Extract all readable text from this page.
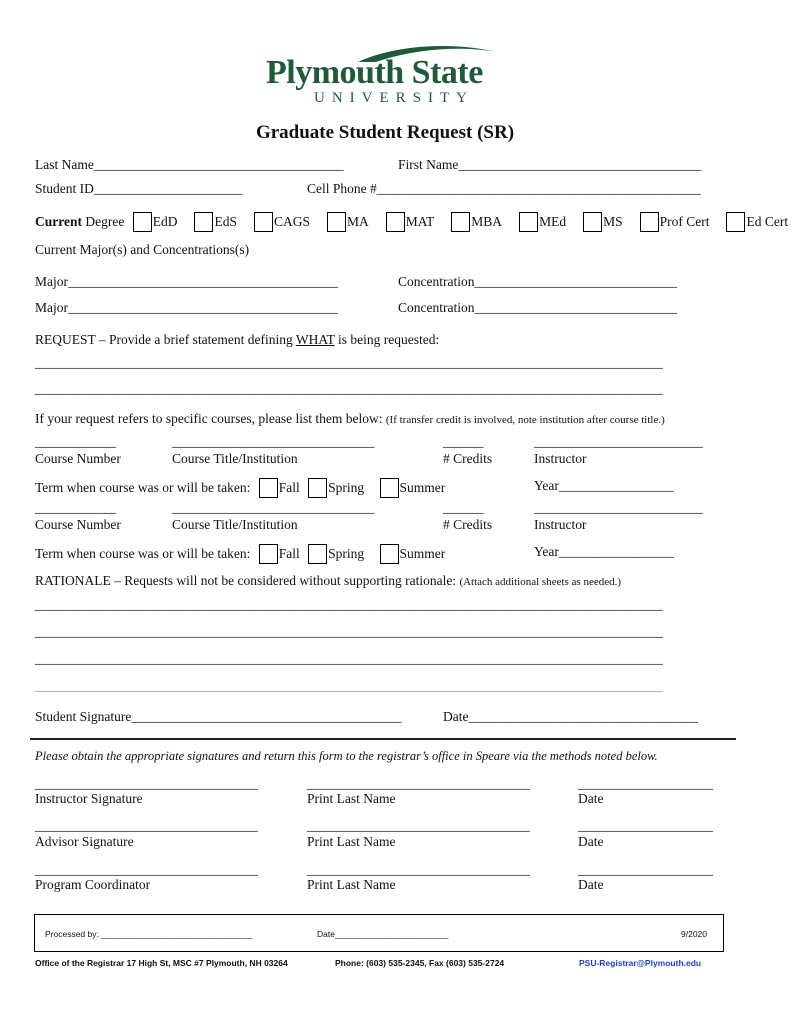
Plymouth State
UNIVERSITY
Graduate Student Request (SR)
Last Name_____________________________________	First Name____________________________________
Student ID______________________	Cell Phone #________________________________________________
Current Degree EdD	EdS	CAGS	MA	MAT	MBA	MEd	MS	Prof Cert	Ed Cert
Current Major(s) and Concentrations(s)
Major________________________________________	Concentration______________________________
Major________________________________________	Concentration______________________________
REQUEST – Provide a brief statement defining WHAT is being requested:
_____________________________________________________________________________________________
_____________________________________________________________________________________________
If your request refers to specific courses, please list them below: (If transfer credit is involved, note institution after course title.)
____________	______________________________	______	_________________________
Course Number	Course Title/Institution	# Credits	Instructor
Term when course was or will be taken: Fall Spring	Summer	Year_________________
____________	______________________________	______	_________________________
Course Number	Course Title/Institution	# Credits	Instructor
Term when course was or will be taken: Fall Spring	Summer	Year_________________
RATIONALE – Requests will not be considered without supporting rationale: (Attach additional sheets as needed.)
_____________________________________________________________________________________________
_____________________________________________________________________________________________
_____________________________________________________________________________________________
_____________________________________________________________________________________________
Student Signature________________________________________	Date__________________________________
Please obtain the appropriate signatures and return this form to the registrar’s office in Speare via the methods noted below.
_________________________________	_________________________________	____________________
Instructor Signature	Print Last Name	Date
_________________________________	_________________________________	____________________
Advisor Signature	Print Last Name	Date
_________________________________	_________________________________	____________________
Program Coordinator	Print Last Name	Date
Processed by: ________________________________	Date________________________	9/2020
Office of the Registrar 17 High St, MSC #7 Plymouth, NH 03264	Phone: (603) 535-2345, Fax (603) 535-2724	PSU-Registrar@Plymouth.edu
